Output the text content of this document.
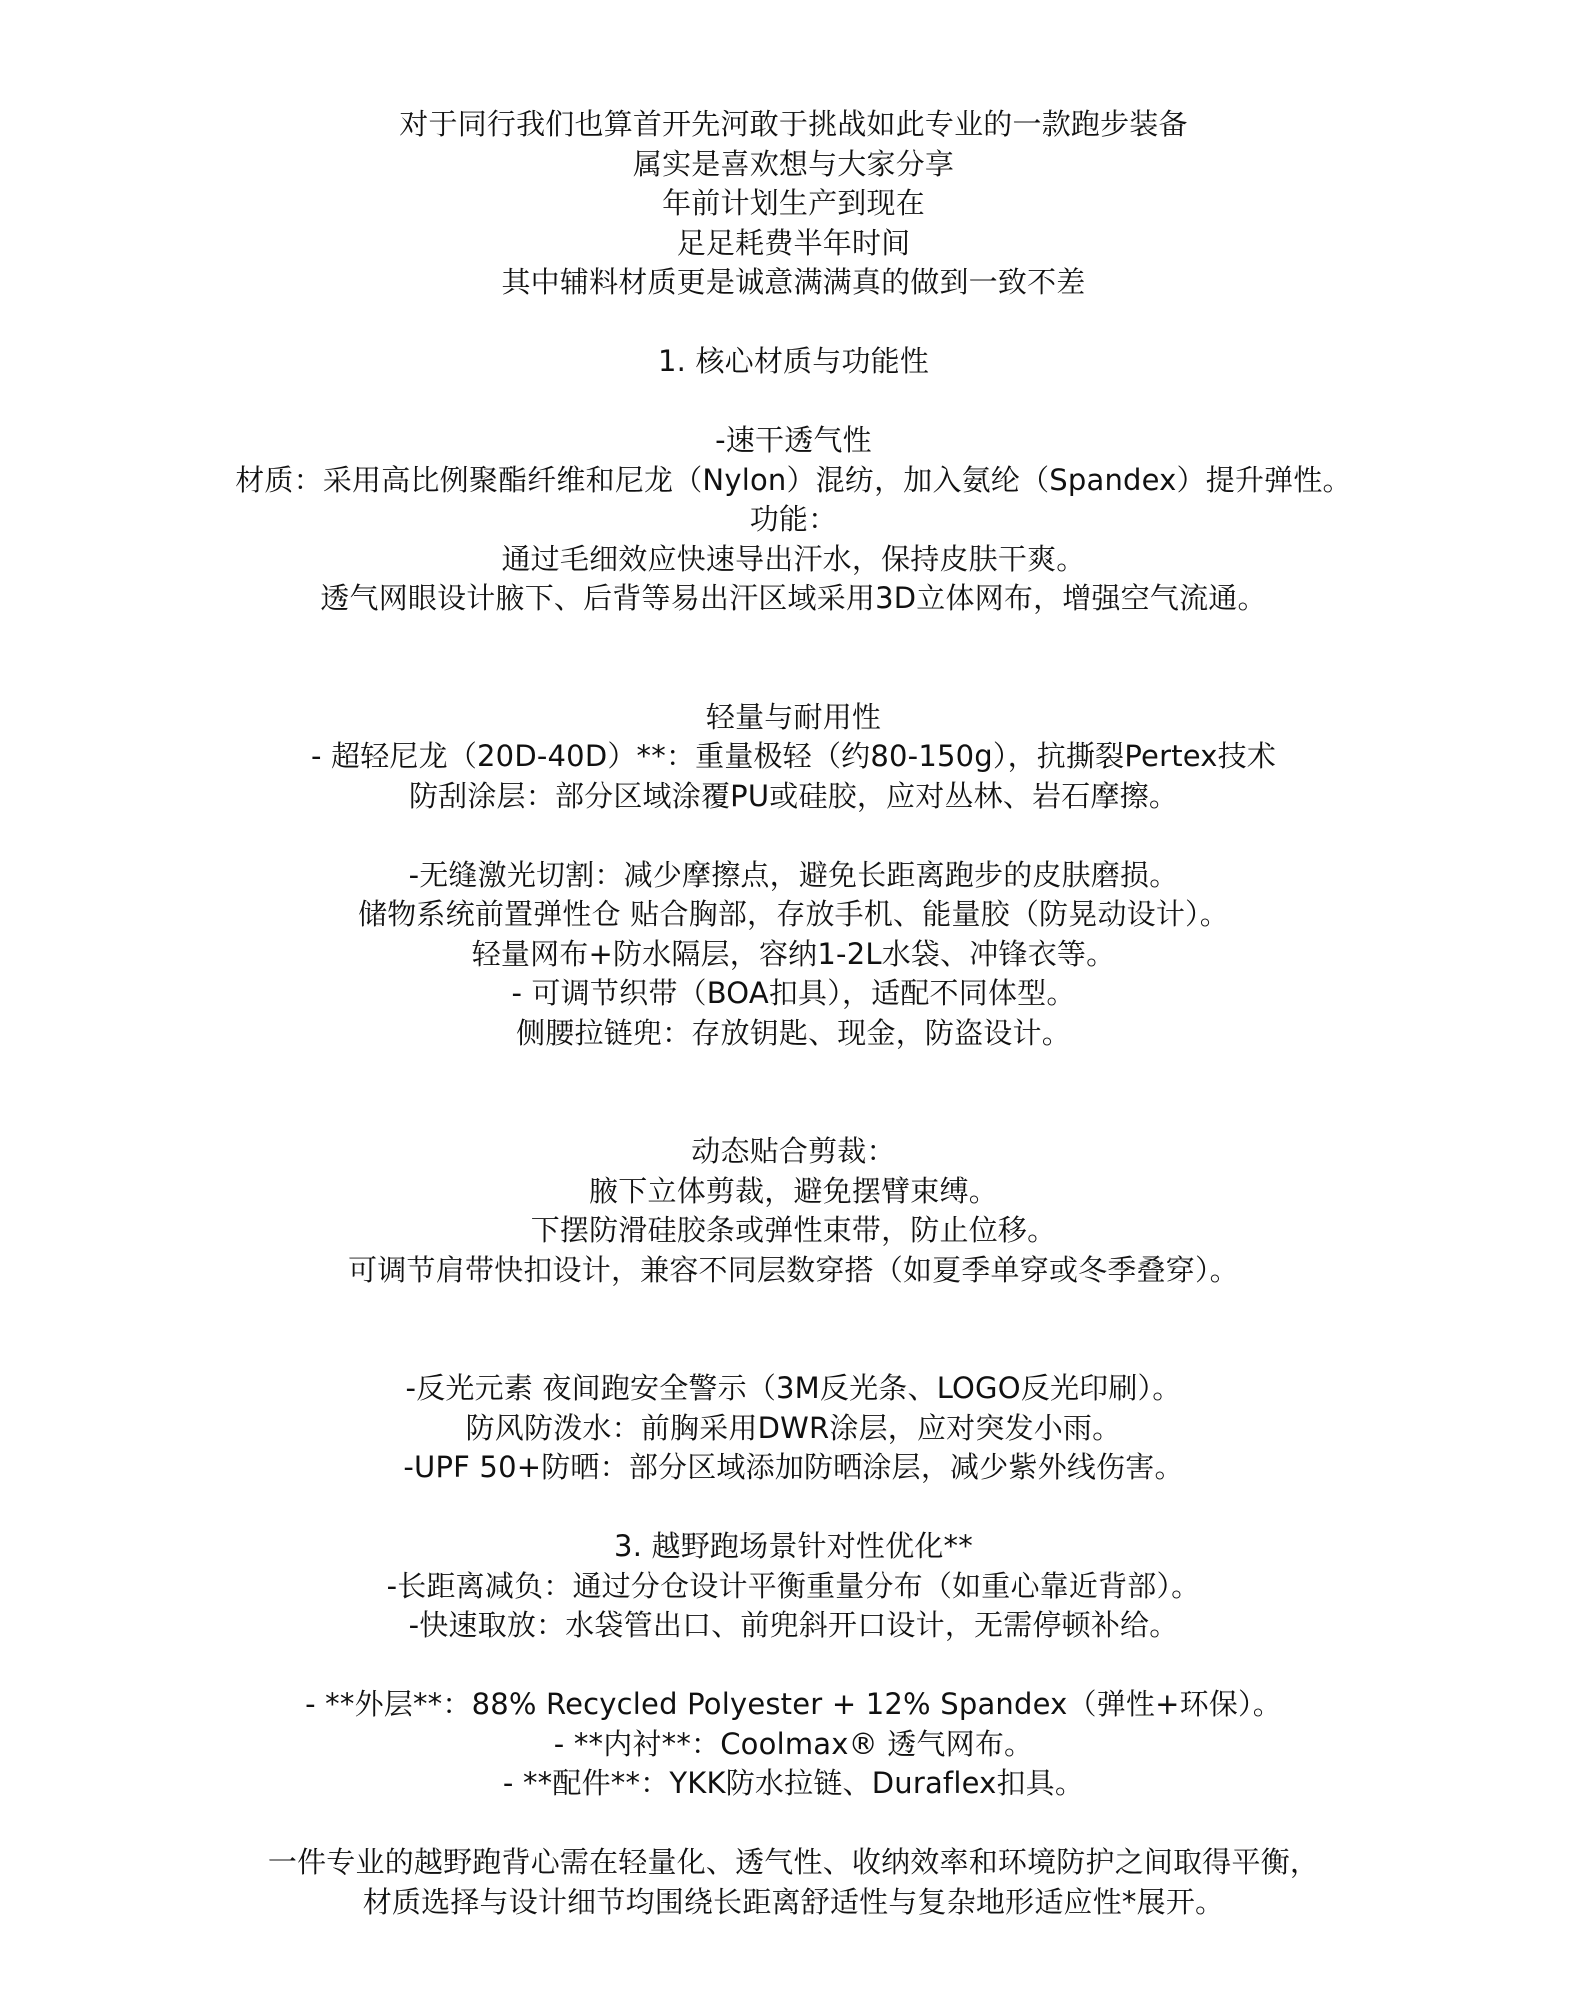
对于同行我们也算首开先河敢于挑战如此专业的一款跑步装备
属实是喜欢想与大家分享
年前计划生产到现在
足足耗费半年时间
其中辅料材质更是诚意满满真的做到一致不差
1. 核心材质与功能性
-速干透气性
材质：采用高比例聚酯纤维和尼龙（Nylon）混纺，加入氨纶（Spandex）提升弹性。
功能：
通过毛细效应快速导出汗水，保持皮肤干爽。
透气网眼设计腋下、后背等易出汗区域采用3D立体网布，增强空气流通。
轻量与耐用性
- 超轻尼龙（20D-40D）**：重量极轻（约80-150g），抗撕裂Pertex技术
防刮涂层：部分区域涂覆PU或硅胶，应对丛林、岩石摩擦。
-无缝激光切割：减少摩擦点，避免长距离跑步的皮肤磨损。
储物系统前置弹性仓 贴合胸部，存放手机、能量胶（防晃动设计）。
轻量网布+防水隔层，容纳1-2L水袋、冲锋衣等。
- 可调节织带（BOA扣具），适配不同体型。
侧腰拉链兜：存放钥匙、现金，防盗设计。
动态贴合剪裁：
腋下立体剪裁，避免摆臂束缚。
下摆防滑硅胶条或弹性束带，防止位移。
可调节肩带快扣设计，兼容不同层数穿搭（如夏季单穿或冬季叠穿）。
-反光元素 夜间跑安全警示（3M反光条、LOGO反光印刷）。
防风防泼水：前胸采用DWR涂层，应对突发小雨。
-UPF 50+防晒：部分区域添加防晒涂层，减少紫外线伤害。
3. 越野跑场景针对性优化**
-长距离减负：通过分仓设计平衡重量分布（如重心靠近背部）。
-快速取放：水袋管出口、前兜斜开口设计，无需停顿补给。
- **外层**：88% Recycled Polyester + 12% Spandex（弹性+环保）。
- **内衬**：Coolmax® 透气网布。
- **配件**：YKK防水拉链、Duraflex扣具。
一件专业的越野跑背心需在轻量化、透气性、收纳效率和环境防护之间取得平衡，
材质选择与设计细节均围绕长距离舒适性与复杂地形适应性*展开。
